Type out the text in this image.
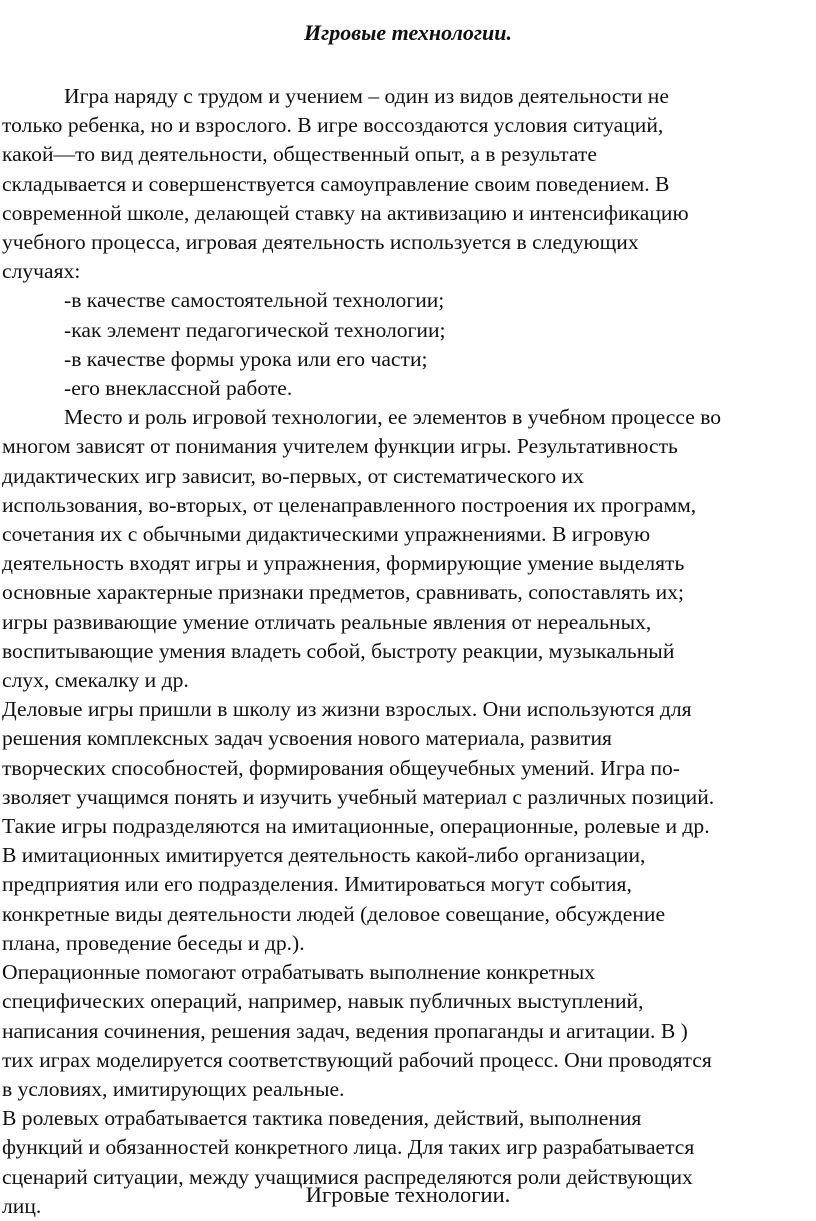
Игровые технологии.
Игра наряду с трудом и учением – один из видов деятельности не
только ребенка, но и взрослого. В игре воссоздаются условия ситуаций,
какой—то вид деятельности, общественный опыт, а в результате
складывается и совершенствуется самоуправление своим поведением. В
современной школе, делающей ставку на активизацию и интенсификацию
учебного процесса, игровая деятельность используется в следующих
случаях:
-в качестве самостоятельной технологии;
-как элемент педагогической технологии;
-в качестве формы урока или его части;
-его внеклассной работе.
Место и роль игровой технологии, ее элементов в учебном процессе во
многом зависят от понимания учителем функции игры. Результативность
дидактических игр зависит, во-первых, от систематического их
использования, во-вторых, от целенаправленного построения их программ,
сочетания их с обычными дидактическими упражнениями. В игровую
деятельность входят игры и упражнения, формирующие умение выделять
основные характерные признаки предметов, сравнивать, сопоставлять их;
игры развивающие умение отличать реальные явления от нереальных,
воспитывающие умения владеть собой, быстроту реакции, музыкальный
слух, смекалку и др.
Деловые игры пришли в школу из жизни взрослых. Они используются для
решения комплексных задач усвоения нового материала, развития
творческих способностей, формирования общеучебных умений. Игра по-
зволяет учащимся понять и изучить учебный материал с различных позиций.
Такие игры подразделяются на имитационные, операционные, ролевые и др.
В имитационных имитируется деятельность какой-либо организации,
предприятия или его подразделения. Имитироваться могут события,
конкретные виды деятельности людей (деловое совещание, обсуждение
плана, проведение беседы и др.).
Операционные помогают отрабатывать выполнение конкретных
специфических операций, например, навык публичных выступлений,
написания сочинения, решения задач, ведения пропаганды и агитации. В )
тих играх моделируется соответствующий рабочий процесс. Они проводятся
в условиях, имитирующих реальные.
В ролевых отрабатывается тактика поведения, действий, выполнения
функций и обязанностей конкретного лица. Для таких игр разрабатывается
сценарий ситуации, между учащимися распределяются роли действующих
лиц.	Игровые технологии.
